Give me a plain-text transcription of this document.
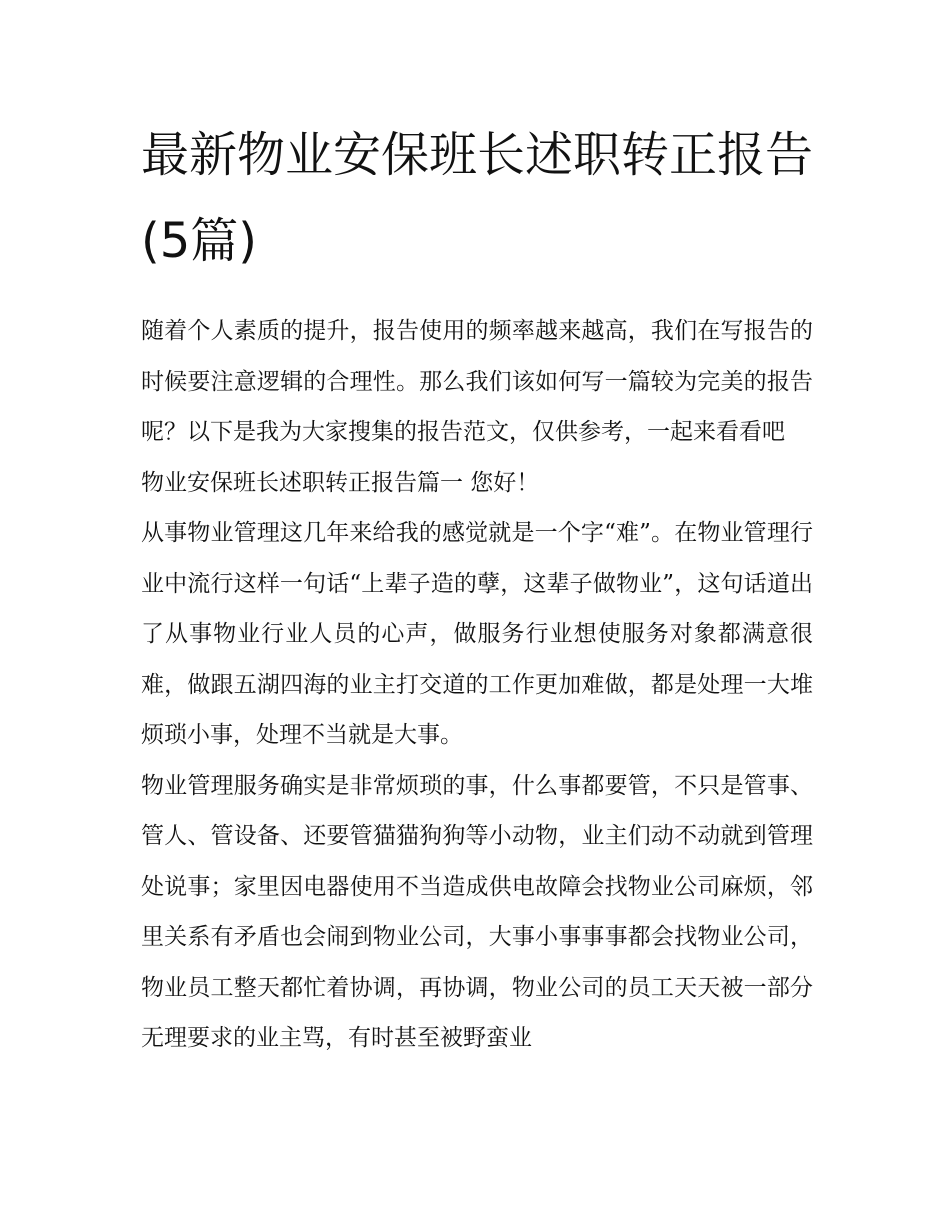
最新物业安保班长述职转正报告(5篇)

随着个人素质的提升，报告使用的频率越来越高，我们在写报告的时候要注意逻辑的合理性。那么我们该如何写一篇较为完美的报告呢？以下是我为大家搜集的报告范文，仅供参考，一起来看看吧

物业安保班长述职转正报告篇一 您好！

从事物业管理这几年来给我的感觉就是一个字“难”。在物业管理行业中流行这样一句话“上辈子造的孽，这辈子做物业”，这句话道出了从事物业行业人员的心声，做服务行业想使服务对象都满意很难，做跟五湖四海的业主打交道的工作更加难做，都是处理一大堆烦琐小事，处理不当就是大事。

物业管理服务确实是非常烦琐的事，什么事都要管，不只是管事、管人、管设备、还要管猫猫狗狗等小动物，业主们动不动就到管理处说事；家里因电器使用不当造成供电故障会找物业公司麻烦，邻里关系有矛盾也会闹到物业公司，大事小事事事都会找物业公司，物业员工整天都忙着协调，再协调，物业公司的员工天天被一部分无理要求的业主骂，有时甚至被野蛮业
